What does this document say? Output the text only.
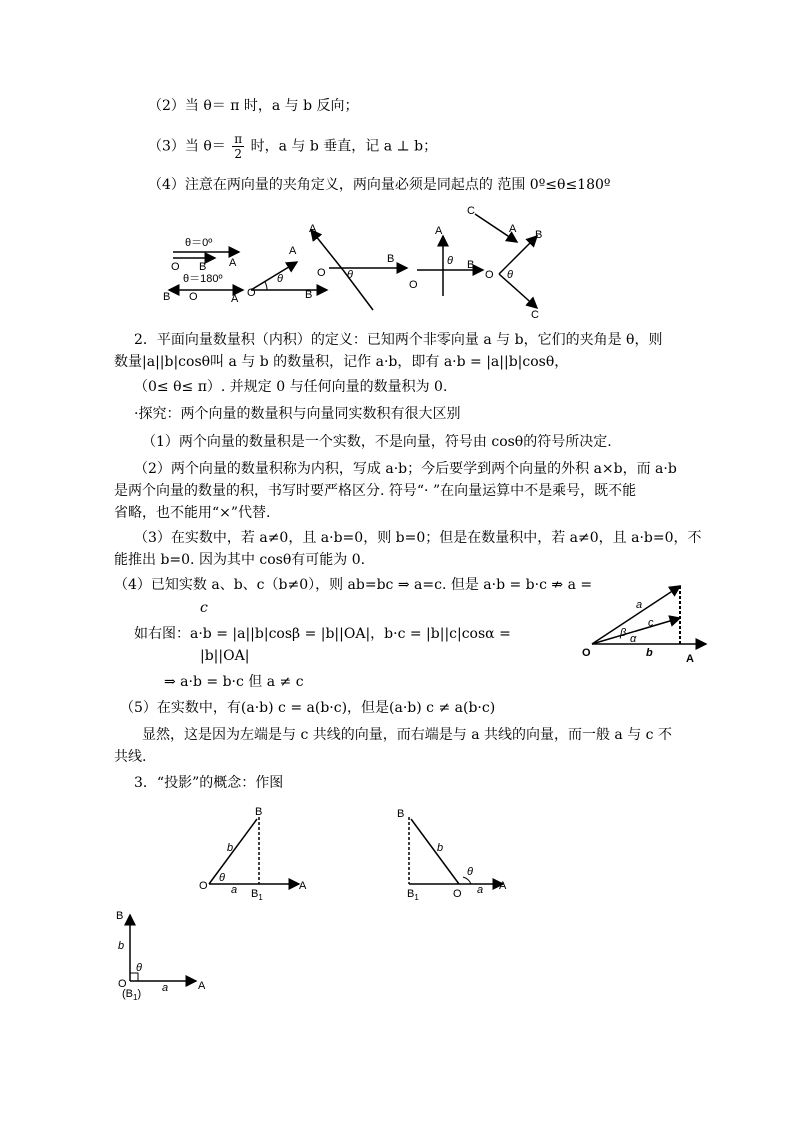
（2）当 θ＝ π 时，a 与 b 反向；
（3）当 $\theta= \frac{\pi}{2}$ 时，a 与 b 垂直，记 a ⊥ b；
（4）注意在两向量的夹角定义，两向量必须是同起点的 范围 0º≤θ≤180º
θ＝0º
O B A
θ＝180º
B O	A O
A
B
θ
A
O
B
θ
A
O
B
θ
C
A B
O θ
C
2．平面向量数量积（内积）的定义：已知两个非零向量 a 与 b，它们的夹角是 θ，则
数量|a||b|cosθ叫 a 与 b 的数量积，记作 a·b，即有 a·b = |a||b|cosθ，
（0≤ θ≤ π）. 并规定 0 与任何向量的数量积为 0.
·探究：两个向量的数量积与向量同实数积有很大区别
（1）两个向量的数量积是一个实数，不是向量，符号由 cosθ的符号所决定.
（2）两个向量的数量积称为内积，写成 a·b；今后要学到两个向量的外积 a×b，而 a·b
是两个向量的数量的积，书写时要严格区分. 符号“· ”在向量运算中不是乘号，既不能
省略，也不能用“×”代替.
（3）在实数中，若 a≠0，且 a·b=0，则 b=0；但是在数量积中，若 a≠0，且 a·b=0，不
能推出 b=0. 因为其中 cosθ有可能为 0.
（4）已知实数 a、b、c（b≠0），则 ab=bc ⇒ a=c. 但是 a·b = b·c ⇏ a =
c
如右图：a·b = |a||b|cosβ = |b||OA|，b·c = |b||c|cosα =
|b||OA|
⇒ a·b = b·c 但 a ≠ c
（5）在实数中，有(a·b) c = a(b·c)，但是(a·b) c ≠ a(b·c)
显然，这是因为左端是与 c 共线的向量，而右端是与 a 共线的向量，而一般 a 与 c 不
共线.
3．“投影”的概念：作图
a
c
β α
O	b	A
B
b
θ
O a $B_1$
A
B
b
θ
$B_1$	O a A
B
b
θ
O
$(B_1)$ a	A
